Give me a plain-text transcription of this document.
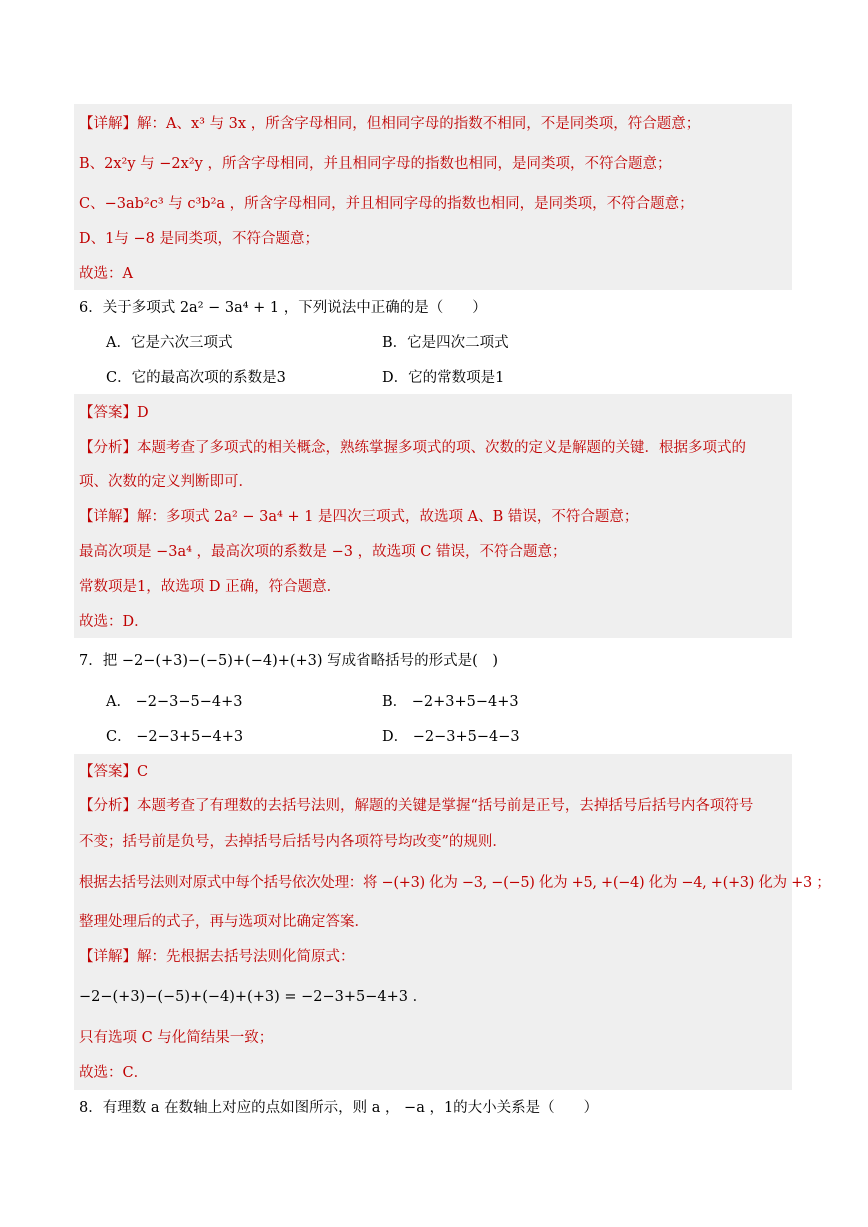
【详解】解：A、x³ 与 3x ，所含字母相同，但相同字母的指数不相同，不是同类项，符合题意；
B、2x²y 与 −2x²y ，所含字母相同，并且相同字母的指数也相同，是同类项，不符合题意；
C、−3ab²c³ 与 c³b²a ，所含字母相同，并且相同字母的指数也相同，是同类项，不符合题意；
D、1与 −8 是同类项，不符合题意；
故选：A
6．关于多项式 2a² − 3a⁴ + 1 ，下列说法中正确的是（　　）
A．它是六次三项式	B．它是四次二项式
C．它的最高次项的系数是3	D．它的常数项是1
【答案】D
【分析】本题考查了多项式的相关概念，熟练掌握多项式的项、次数的定义是解题的关键．根据多项式的
项、次数的定义判断即可．
【详解】解：多项式 2a² − 3a⁴ + 1 是四次三项式，故选项 A、B 错误，不符合题意；
最高次项是 −3a⁴ ，最高次项的系数是 −3 ，故选项 C 错误，不符合题意；
常数项是1，故选项 D 正确，符合题意．
故选：D．
7．把 −2−(+3)−(−5)+(−4)+(+3) 写成省略括号的形式是(　)
A． −2−3−5−4+3	B． −2+3+5−4+3
C． −2−3+5−4+3	D． −2−3+5−4−3
【答案】C
【分析】本题考查了有理数的去括号法则，解题的关键是掌握“括号前是正号，去掉括号后括号内各项符号
不变；括号前是负号，去掉括号后括号内各项符号均改变”的规则．
根据去括号法则对原式中每个括号依次处理：将 −(+3) 化为 −3, −(−5) 化为 +5, +(−4) 化为 −4, +(+3) 化为 +3 ；
整理处理后的式子，再与选项对比确定答案．
【详解】解：先根据去括号法则化简原式：
−2−(+3)−(−5)+(−4)+(+3) = −2−3+5−4+3 ．
只有选项 C 与化简结果一致；
故选：C．
8．有理数 a 在数轴上对应的点如图所示，则 a ， −a ，1的大小关系是（　　）
